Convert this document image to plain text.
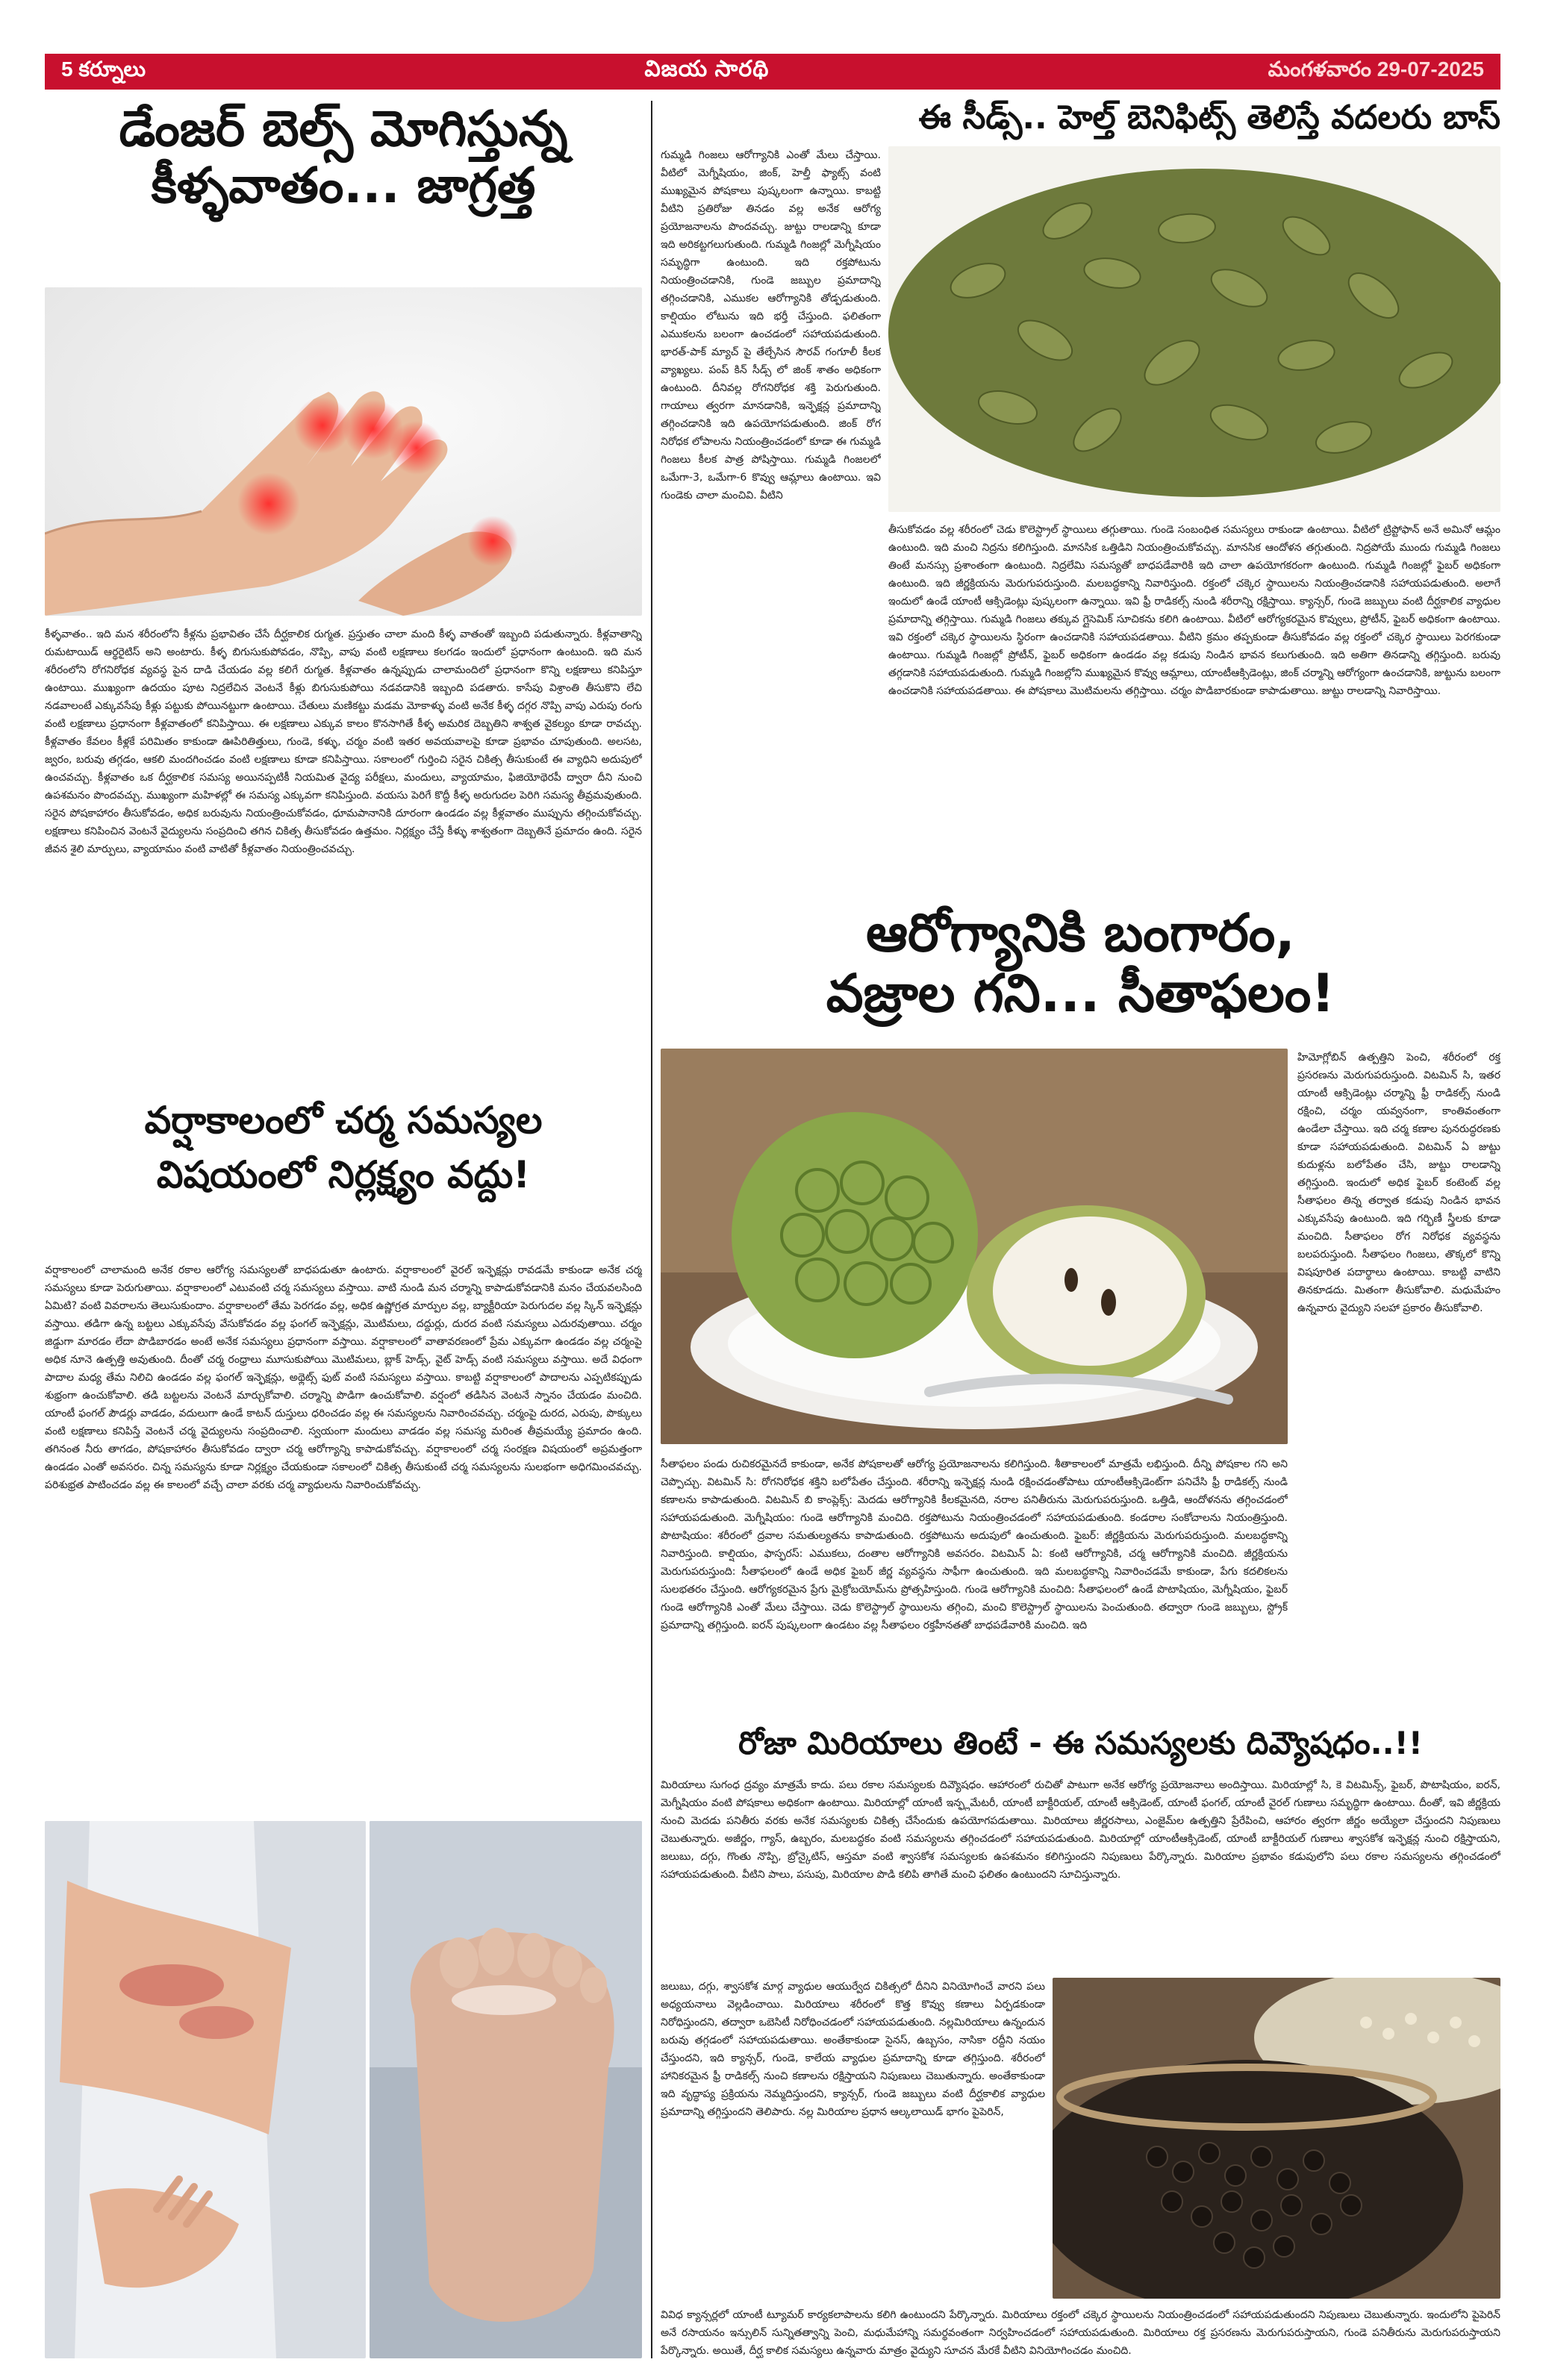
5 కర్నూలు	విజయ సారథి	మంగళవారం 29-07-2025

డేంజర్ బెల్స్ మోగిస్తున్న

కీళ్ళవాతం... జాగ్రత్త

కీళ్ళవాతం.. ఇది మన శరీరంలోని కీళ్లను ప్రభావితం చేసే దీర్ఘకాలిక రుగ్మత. ప్రస్తుతం చాలా మంది కీళ్ళ వాతంతో ఇబ్బంది పడుతున్నారు. కీళ్లవాతాన్ని రుమటాయిడ్ ఆర్థరైటిస్ అని అంటారు. కీళ్ళ బిగుసుకుపోవడం, నొప్పి, వాపు వంటి లక్షణాలు కలగడం ఇందులో ప్రధానంగా ఉంటుంది. ఇది మన శరీరంలోని రోగనిరోధక వ్యవస్థ పైన దాడి చేయడం వల్ల కలిగే రుగ్మత. కీళ్లవాతం ఉన్నప్పుడు చాలామందిలో ప్రధానంగా కొన్ని లక్షణాలు కనిపిస్తూ ఉంటాయి. ముఖ్యంగా ఉదయం పూట నిద్రలేచిన వెంటనే కీళ్లు బిగుసుకుపోయి నడవడానికి ఇబ్బంది పడతారు. కాసేపు విశ్రాంతి తీసుకొని లేచి నడవాలంటే ఎక్కువసేపు కీళ్లు పట్టుకు పోయినట్టుగా ఉంటాయి. చేతులు మణికట్టు మడమ మోకాళ్ళు వంటి అనేక కీళ్ళ దగ్గర నొప్పి వాపు ఎరుపు రంగు వంటి లక్షణాలు ప్రధానంగా కీళ్లవాతంలో కనిపిస్తాయి. ఈ లక్షణాలు ఎక్కువ కాలం కొనసాగితే కీళ్ళ అమరిక దెబ్బతిని శాశ్వత వైకల్యం కూడా రావచ్చు. కీళ్లవాతం కేవలం కీళ్లకే పరిమితం కాకుండా ఊపిరితిత్తులు, గుండె, కళ్ళు, చర్మం వంటి ఇతర అవయవాలపై కూడా ప్రభావం చూపుతుంది. అలసట, జ్వరం, బరువు తగ్గడం, ఆకలి మందగించడం వంటి లక్షణాలు కూడా కనిపిస్తాయి. సకాలంలో గుర్తించి సరైన చికిత్స తీసుకుంటే ఈ వ్యాధిని అదుపులో ఉంచవచ్చు. కీళ్లవాతం ఒక దీర్ఘకాలిక సమస్య అయినప్పటికీ నియమిత వైద్య పరీక్షలు, మందులు, వ్యాయామం, ఫిజియోథెరపీ ద్వారా దీని నుంచి ఉపశమనం పొందవచ్చు. ముఖ్యంగా మహిళల్లో ఈ సమస్య ఎక్కువగా కనిపిస్తుంది. వయసు పెరిగే కొద్దీ కీళ్ళ అరుగుదల పెరిగి సమస్య తీవ్రమవుతుంది. సరైన పోషకాహారం తీసుకోవడం, అధిక బరువును నియంత్రించుకోవడం, ధూమపానానికి దూరంగా ఉండడం వల్ల కీళ్లవాతం ముప్పును తగ్గించుకోవచ్చు. లక్షణాలు కనిపించిన వెంటనే వైద్యులను సంప్రదించి తగిన చికిత్స తీసుకోవడం ఉత్తమం. నిర్లక్ష్యం చేస్తే కీళ్ళు శాశ్వతంగా దెబ్బతినే ప్రమాదం ఉంది. సరైన జీవన శైలి మార్పులు, వ్యాయామం వంటి వాటితో కీళ్లవాతం నియంత్రించవచ్చు.

వర్షాకాలంలో చర్మ సమస్యల

విషయంలో నిర్లక్ష్యం వద్దు!

వర్షాకాలంలో చాలామంది అనేక రకాల ఆరోగ్య సమస్యలతో బాధపడుతూ ఉంటారు. వర్షాకాలంలో వైరల్ ఇన్ఫెక్షన్లు రావడమే కాకుండా అనేక చర్మ సమస్యలు కూడా పెరుగుతాయి. వర్షాకాలంలో ఎటువంటి చర్మ సమస్యలు వస్తాయి. వాటి నుండి మన చర్మాన్ని కాపాడుకోవడానికి మనం చేయవలసింది ఏమిటి? వంటి వివరాలను తెలుసుకుందాం. వర్షాకాలంలో తేమ పెరగడం వల్ల, అధిక ఉష్ణోగ్రత మార్పుల వల్ల, బ్యాక్టీరియా పెరుగుదల వల్ల స్కిన్ ఇన్ఫెక్షన్లు వస్తాయి. తడిగా ఉన్న బట్టలు ఎక్కువసేపు వేసుకోవడం వల్ల ఫంగల్ ఇన్ఫెక్షన్లు, మొటిమలు, దద్దుర్లు, దురద వంటి సమస్యలు ఎదురవుతాయి. చర్మం జిడ్డుగా మారడం లేదా పొడిబారడం అంటే అనేక సమస్యలు ప్రధానంగా వస్తాయి. వర్షాకాలంలో వాతావరణంలో ప్రేమ ఎక్కువగా ఉండడం వల్ల చర్మంపై అధిక నూనె ఉత్పత్తి అవుతుంది. దీంతో చర్మ రంధ్రాలు మూసుకుపోయి మొటిమలు, బ్లాక్ హెడ్స్, వైట్ హెడ్స్ వంటి సమస్యలు వస్తాయి. అదే విధంగా పాదాల మధ్య తేమ నిలిచి ఉండడం వల్ల ఫంగల్ ఇన్ఫెక్షన్లు, అథ్లెట్స్ ఫుట్ వంటి సమస్యలు వస్తాయి. కాబట్టి వర్షాకాలంలో పాదాలను ఎప్పటికప్పుడు శుభ్రంగా ఉంచుకోవాలి. తడి బట్టలను వెంటనే మార్చుకోవాలి. చర్మాన్ని పొడిగా ఉంచుకోవాలి. వర్షంలో తడిసిన వెంటనే స్నానం చేయడం మంచిది. యాంటీ ఫంగల్ పౌడర్లు వాడడం, వదులుగా ఉండే కాటన్ దుస్తులు ధరించడం వల్ల ఈ సమస్యలను నివారించవచ్చు. చర్మంపై దురద, ఎరుపు, పొక్కులు వంటి లక్షణాలు కనిపిస్తే వెంటనే చర్మ వైద్యులను సంప్రదించాలి. స్వయంగా మందులు వాడడం వల్ల సమస్య మరింత తీవ్రమయ్యే ప్రమాదం ఉంది. తగినంత నీరు తాగడం, పోషకాహారం తీసుకోవడం ద్వారా చర్మ ఆరోగ్యాన్ని కాపాడుకోవచ్చు. వర్షాకాలంలో చర్మ సంరక్షణ విషయంలో అప్రమత్తంగా ఉండడం ఎంతో అవసరం. చిన్న సమస్యను కూడా నిర్లక్ష్యం చేయకుండా సకాలంలో చికిత్స తీసుకుంటే చర్మ సమస్యలను సులభంగా అధిగమించవచ్చు. పరిశుభ్రత పాటించడం వల్ల ఈ కాలంలో వచ్చే చాలా వరకు చర్మ వ్యాధులను నివారించుకోవచ్చు.

ఈ సీడ్స్.. హెల్త్ బెనిఫిట్స్ తెలిస్తే వదలరు బాస్

గుమ్మడి గింజలు ఆరోగ్యానికి ఎంతో మేలు చేస్తాయి. వీటిలో మెగ్నీషియం, జింక్, హెల్తీ ఫ్యాట్స్ వంటి ముఖ్యమైన పోషకాలు పుష్కలంగా ఉన్నాయి. కాబట్టి వీటిని ప్రతిరోజు తినడం వల్ల అనేక ఆరోగ్య ప్రయోజనాలను పొందవచ్చు. జుట్టు రాలడాన్ని కూడా ఇది అరికట్టగలుగుతుంది. గుమ్మడి గింజల్లో మెగ్నీషియం సమృద్ధిగా ఉంటుంది. ఇది రక్తపోటును నియంత్రించడానికి, గుండె జబ్బుల ప్రమాదాన్ని తగ్గించడానికి, ఎముకల ఆరోగ్యానికి తోడ్పడుతుంది. కాల్షియం లోటును ఇది భర్తీ చేస్తుంది. ఫలితంగా ఎముకలను బలంగా ఉంచడంలో సహాయపడుతుంది. భారత్-పాక్ మ్యాచ్ పై తేల్చేసిన సౌరవ్ గంగూలీ కీలక వ్యాఖ్యలు. పంప్ కిన్ సీడ్స్ లో జింక్ శాతం అధికంగా ఉంటుంది. దీనివల్ల రోగనిరోధక శక్తి పెరుగుతుంది. గాయాలు త్వరగా మానడానికి, ఇన్ఫెక్షన్ల ప్రమాదాన్ని తగ్గించడానికి ఇది ఉపయోగపడుతుంది. జింక్ రోగ నిరోధక లోపాలను నియంత్రించడంలో కూడా ఈ గుమ్మడి గింజలు కీలక పాత్ర పోషిస్తాయి. గుమ్మడి గింజలలో ఒమేగా-3, ఒమేగా-6 కొవ్వు ఆమ్లాలు ఉంటాయి. ఇవి గుండెకు చాలా మంచివి. వీటిని
తీసుకోవడం వల్ల శరీరంలో చెడు కొలెస్ట్రాల్ స్థాయిలు తగ్గుతాయి. గుండె సంబంధిత సమస్యలు రాకుండా ఉంటాయి. వీటిలో ట్రిప్టోఫాన్ అనే అమినో ఆమ్లం ఉంటుంది. ఇది మంచి నిద్రను కలిగిస్తుంది. మానసిక ఒత్తిడిని నియంత్రించుకోవచ్చు. మానసిక ఆందోళన తగ్గుతుంది. నిద్రపోయే ముందు గుమ్మడి గింజలు తింటే మనస్సు ప్రశాంతంగా ఉంటుంది. నిద్రలేమి సమస్యతో బాధపడేవారికి ఇది చాలా ఉపయోగకరంగా ఉంటుంది. గుమ్మడి గింజల్లో ఫైబర్ అధికంగా ఉంటుంది. ఇది జీర్ణక్రియను మెరుగుపరుస్తుంది. మలబద్ధకాన్ని నివారిస్తుంది. రక్తంలో చక్కెర స్థాయిలను నియంత్రించడానికి సహాయపడుతుంది. అలాగే ఇందులో ఉండే యాంటీ ఆక్సిడెంట్లు పుష్కలంగా ఉన్నాయి. ఇవి ఫ్రీ రాడికల్స్ నుండి శరీరాన్ని రక్షిస్తాయి. క్యాన్సర్, గుండె జబ్బులు వంటి దీర్ఘకాలిక వ్యాధుల ప్రమాదాన్ని తగ్గిస్తాయి. గుమ్మడి గింజలు తక్కువ గ్లైసెమిక్ సూచికను కలిగి ఉంటాయి. వీటిలో ఆరోగ్యకరమైన కొవ్వులు, ప్రోటీన్, ఫైబర్ అధికంగా ఉంటాయి. ఇవి రక్తంలో చక్కెర స్థాయిలను స్థిరంగా ఉంచడానికి సహాయపడతాయి. వీటిని క్రమం తప్పకుండా తీసుకోవడం వల్ల రక్తంలో చక్కెర స్థాయిలు పెరగకుండా ఉంటాయి. గుమ్మడి గింజల్లో ప్రోటీన్, ఫైబర్ అధికంగా ఉండడం వల్ల కడుపు నిండిన భావన కలుగుతుంది. ఇది అతిగా తినడాన్ని తగ్గిస్తుంది. బరువు తగ్గడానికి సహాయపడుతుంది. గుమ్మడి గింజల్లోని ముఖ్యమైన కొవ్వు ఆమ్లాలు, యాంటీఆక్సిడెంట్లు, జింక్ చర్మాన్ని ఆరోగ్యంగా ఉంచడానికి, జుట్టును బలంగా ఉంచడానికి సహాయపడతాయి. ఈ పోషకాలు మొటిమలను తగ్గిస్తాయి. చర్మం పొడిబారకుండా కాపాడుతాయి. జుట్టు రాలడాన్ని నివారిస్తాయి.

ఆరోగ్యానికి బంగారం,

వజ్రాల గని... సీతాఫలం!

సీతాఫలం పండు రుచికరమైనదే కాకుండా, అనేక పోషకాలతో ఆరోగ్య ప్రయోజనాలను కలిగిస్తుంది. శీతాకాలంలో మాత్రమే లభిస్తుంది. దీన్ని పోషకాల గని అని చెప్పొచ్చు. విటమిన్ సి: రోగనిరోధక శక్తిని బలోపేతం చేస్తుంది. శరీరాన్ని ఇన్ఫెక్షన్ల నుండి రక్షించడంతోపాటు యాంటీఆక్సిడెంట్‌గా పనిచేసి ఫ్రీ రాడికల్స్ నుండి కణాలను కాపాడుతుంది. విటమిన్ బి కాంప్లెక్స్: మెదడు ఆరోగ్యానికి కీలకమైనది, నరాల పనితీరును మెరుగుపరుస్తుంది. ఒత్తిడి, ఆందోళనను తగ్గించడంలో సహాయపడుతుంది. మెగ్నీషియం: గుండె ఆరోగ్యానికి మంచిది. రక్తపోటును నియంత్రించడంలో సహాయపడుతుంది. కండరాల సంకోచాలను నియంత్రిస్తుంది. పొటాషియం: శరీరంలో ద్రవాల సమతుల్యతను కాపాడుతుంది. రక్తపోటును అదుపులో ఉంచుతుంది. ఫైబర్: జీర్ణక్రియను మెరుగుపరుస్తుంది. మలబద్ధకాన్ని నివారిస్తుంది. కాల్షియం, ఫాస్ఫరస్: ఎముకలు, దంతాల ఆరోగ్యానికి అవసరం. విటమిన్ ఏ: కంటి ఆరోగ్యానికి, చర్మ ఆరోగ్యానికి మంచిది. జీర్ణక్రియను మెరుగుపరుస్తుంది: సీతాఫలంలో ఉండే అధిక ఫైబర్ జీర్ణ వ్యవస్థను సాఫీగా ఉంచుతుంది. ఇది మలబద్ధకాన్ని నివారించడమే కాకుండా, పేగు కదలికలను సులభతరం చేస్తుంది. ఆరోగ్యకరమైన ప్రేగు మైక్రోబయోమ్‌ను ప్రోత్సహిస్తుంది. గుండె ఆరోగ్యానికి మంచిది: సీతాఫలంలో ఉండే పొటాషియం, మెగ్నీషియం, ఫైబర్ గుండె ఆరోగ్యానికి ఎంతో మేలు చేస్తాయి. చెడు కొలెస్ట్రాల్ స్థాయిలను తగ్గించి, మంచి కొలెస్ట్రాల్ స్థాయిలను పెంచుతుంది. తద్వారా గుండె జబ్బులు, స్ట్రోక్ ప్రమాదాన్ని తగ్గిస్తుంది. ఐరన్ పుష్కలంగా ఉండటం వల్ల సీతాఫలం రక్తహీనతతో బాధపడేవారికి మంచిది. ఇది
హిమోగ్లోబిన్ ఉత్పత్తిని పెంచి, శరీరంలో రక్త ప్రసరణను మెరుగుపరుస్తుంది. విటమిన్ సి, ఇతర యాంటీ ఆక్సిడెంట్లు చర్మాన్ని ఫ్రీ రాడికల్స్ నుండి రక్షించి, చర్మం యవ్వనంగా, కాంతివంతంగా ఉండేలా చేస్తాయి. ఇది చర్మ కణాల పునరుద్ధరణకు కూడా సహాయపడుతుంది. విటమిన్ ఏ జుట్టు కుదుళ్లను బలోపేతం చేసి, జుట్టు రాలడాన్ని తగ్గిస్తుంది. ఇందులో అధిక ఫైబర్ కంటెంట్ వల్ల సీతాఫలం తిన్న తర్వాత కడుపు నిండిన భావన ఎక్కువసేపు ఉంటుంది. ఇది గర్భిణీ స్త్రీలకు కూడా మంచిది. సీతాఫలం రోగ నిరోధక వ్యవస్థను బలపరుస్తుంది. సీతాఫలం గింజలు, తొక్కలో కొన్ని విషపూరిత పదార్థాలు ఉంటాయి. కాబట్టి వాటిని తినకూడదు. మితంగా తీసుకోవాలి. మధుమేహం ఉన్నవారు వైద్యుని సలహా ప్రకారం తీసుకోవాలి.

రోజా మిరియాలు తింటే - ఈ సమస్యలకు దివ్యౌషధం..!!

మిరియాలు సుగంధ ద్రవ్యం మాత్రమే కాదు. పలు రకాల సమస్యలకు దివ్యౌషధం. ఆహారంలో రుచితో పాటుగా అనేక ఆరోగ్య ప్రయోజనాలు అందిస్తాయి. మిరియాల్లో సి, కె విటమిన్స్, ఫైబర్, పొటాషియం, ఐరన్, మెగ్నీషియం వంటి పోషకాలు అధికంగా ఉంటాయి. మిరియాల్లో యాంటీ ఇన్ఫ్లమేటరీ, యాంటీ బాక్టీరియల్, యాంటీ ఆక్సిడెంట్, యాంటీ ఫంగల్, యాంటీ వైరల్ గుణాలు సమృద్ధిగా ఉంటాయి. దీంతో, ఇవి జీర్ణక్రియ నుంచి మెదడు పనితీరు వరకు అనేక సమస్యలకు చికిత్స చేసేందుకు ఉపయోగపడుతాయి. మిరియాలు జీర్ణరసాలు, ఎంజైమ్‌ల ఉత్పత్తిని ప్రేరేపించి, ఆహారం త్వరగా జీర్ణం అయ్యేలా చేస్తుందని నిపుణులు చెబుతున్నారు. అజీర్ణం, గ్యాస్, ఉబ్బరం, మలబద్ధకం వంటి సమస్యలను తగ్గించడంలో సహాయపడుతుంది. మిరియాల్లో యాంటీఆక్సిడెంట్, యాంటీ బాక్టీరియల్ గుణాలు శ్వాసకోశ ఇన్ఫెక్షన్ల నుంచి రక్షిస్తాయని, జలుబు, దగ్గు, గొంతు నొప్పి, బ్రోన్కైటిస్, ఆస్తమా వంటి శ్వాసకోశ సమస్యలకు ఉపశమనం కలిగిస్తుందని నిపుణులు పేర్కొన్నారు. మిరియాల ప్రభావం కడుపులోని పలు రకాల సమస్యలను తగ్గించడంలో సహాయపడుతుంది. వీటిని పాలు, పసుపు, మిరియాల పొడి కలిపి తాగితే మంచి ఫలితం ఉంటుందని సూచిస్తున్నారు.
జలుబు, దగ్గు, శ్వాసకోశ మార్గ వ్యాధుల ఆయుర్వేద చికిత్సలో దీనిని వినియోగించే వారని పలు అధ్యయనాలు వెల్లడించాయి. మిరియాలు శరీరంలో కొత్త కొవ్వు కణాలు ఏర్పడకుండా నిరోధిస్తుందని, తద్వారా ఒబెసిటీ నిరోధించడంలో సహాయపడుతుంది. నల్లమిరియాలు ఉన్నందున బరువు తగ్గడంలో సహాయపడుతాయి. అంతేకాకుండా సైనస్, ఉబ్బసం, నాసికా రద్దీని నయం చేస్తుందని, ఇది క్యాన్సర్, గుండె, కాలేయ వ్యాధుల ప్రమాదాన్ని కూడా తగ్గిస్తుంది. శరీరంలో హానికరమైన ఫ్రీ రాడికల్స్ నుంచి కణాలను రక్షిస్తాయని నిపుణులు చెబుతున్నారు. అంతేకాకుండా ఇది వృద్ధాప్య ప్రక్రియను నెమ్మదిస్తుందని, క్యాన్సర్, గుండె జబ్బులు వంటి దీర్ఘకాలిక వ్యాధుల ప్రమాదాన్ని తగ్గిస్తుందని తెలిపారు. నల్ల మిరియాల ప్రధాన ఆల్కలాయిడ్ భాగం పైపెరిన్,
వివిధ క్యాన్సర్లలో యాంటీ ట్యూమర్ కార్యకలాపాలను కలిగి ఉంటుందని పేర్కొన్నారు. మిరియాలు రక్తంలో చక్కెర స్థాయిలను నియంత్రించడంలో సహాయపడుతుందని నిపుణులు చెబుతున్నారు. ఇందులోని పైపెరిన్ అనే రసాయనం ఇన్సులిన్ సున్నితత్వాన్ని పెంచి, మధుమేహాన్ని సమర్థవంతంగా నిర్వహించడంలో సహాయపడుతుంది. మిరియాలు రక్త ప్రసరణను మెరుగుపరుస్తాయని, గుండె పనితీరును మెరుగుపరుస్తాయని పేర్కొన్నారు. అయితే, దీర్ఘ కాలిక సమస్యలు ఉన్నవారు మాత్రం వైద్యుని సూచన మేరకే వీటిని వినియోగించడం మంచిది.
